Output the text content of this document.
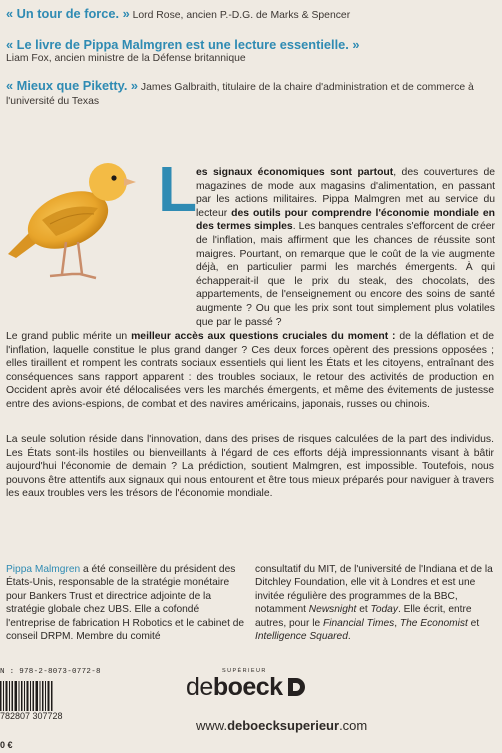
« Un tour de force. » Lord Rose, ancien P.-D.G. de Marks & Spencer
« Le livre de Pippa Malmgren est une lecture essentielle. »
Liam Fox, ancien ministre de la Défense britannique
« Mieux que Piketty. » James Galbraith, titulaire de la chaire d'administration et de commerce à l'université du Texas
L

es signaux économiques sont partout, des couvertures de magazines de mode aux magasins d'alimentation, en passant par les actions militaires. Pippa Malmgren met au service du lecteur des outils pour comprendre l'économie mondiale en des termes simples. Les banques centrales s'efforcent de créer de l'inflation, mais affirment que les chances de réussite sont maigres. Pourtant, on remarque que le coût de la vie augmente déjà, en particulier parmi les marchés émergents. À qui échapperait-il que le prix du steak, des chocolats, des appartements, de l'enseignement ou encore des soins de santé augmente ? Ou que les prix sont tout simplement plus volatiles que par le passé ?

Le grand public mérite un meilleur accès aux questions cruciales du moment : de la déflation et de l'inflation, laquelle constitue le plus grand danger ? Ces deux forces opèrent des pressions opposées ; elles tiraillent et rompent les contrats sociaux essentiels qui lient les États et les citoyens, entraînant des conséquences sans rapport apparent : des troubles sociaux, le retour des activités de production en Occident après avoir été délocalisées vers les marchés émergents, et même des évitements de justesse entre des avions-espions, de combat et des navires américains, japonais, russes ou chinois.

La seule solution réside dans l'innovation, dans des prises de risques calculées de la part des individus. Les États sont-ils hostiles ou bienveillants à l'égard de ces efforts déjà impressionnants visant à bâtir aujourd'hui l'économie de demain ? La prédiction, soutient Malmgren, est impossible. Toutefois, nous pouvons être attentifs aux signaux qui nous entourent et être tous mieux préparés pour naviguer à travers les eaux troubles vers les trésors de l'économie mondiale.

Pippa Malmgren a été conseillère du président des États-Unis, responsable de la stratégie monétaire pour Bankers Trust et directrice adjointe de la stratégie globale chez UBS. Elle a cofondé l'entreprise de fabrication H Robotics et le cabinet de conseil DRPM. Membre du comité
consultatif du MIT, de l'université de l'Indiana et de la Ditchley Foundation, elle vit à Londres et est une invitée régulière des programmes de la BBC, notamment Newsnight et Today. Elle écrit, entre autres, pour le Financial Times, The Economist et Intelligence Squared.
N : 978-2-8073-0772-8
782807 307728
0 €
SUPÉRIEUR
deboeck
www.deboecksuperieur.com
